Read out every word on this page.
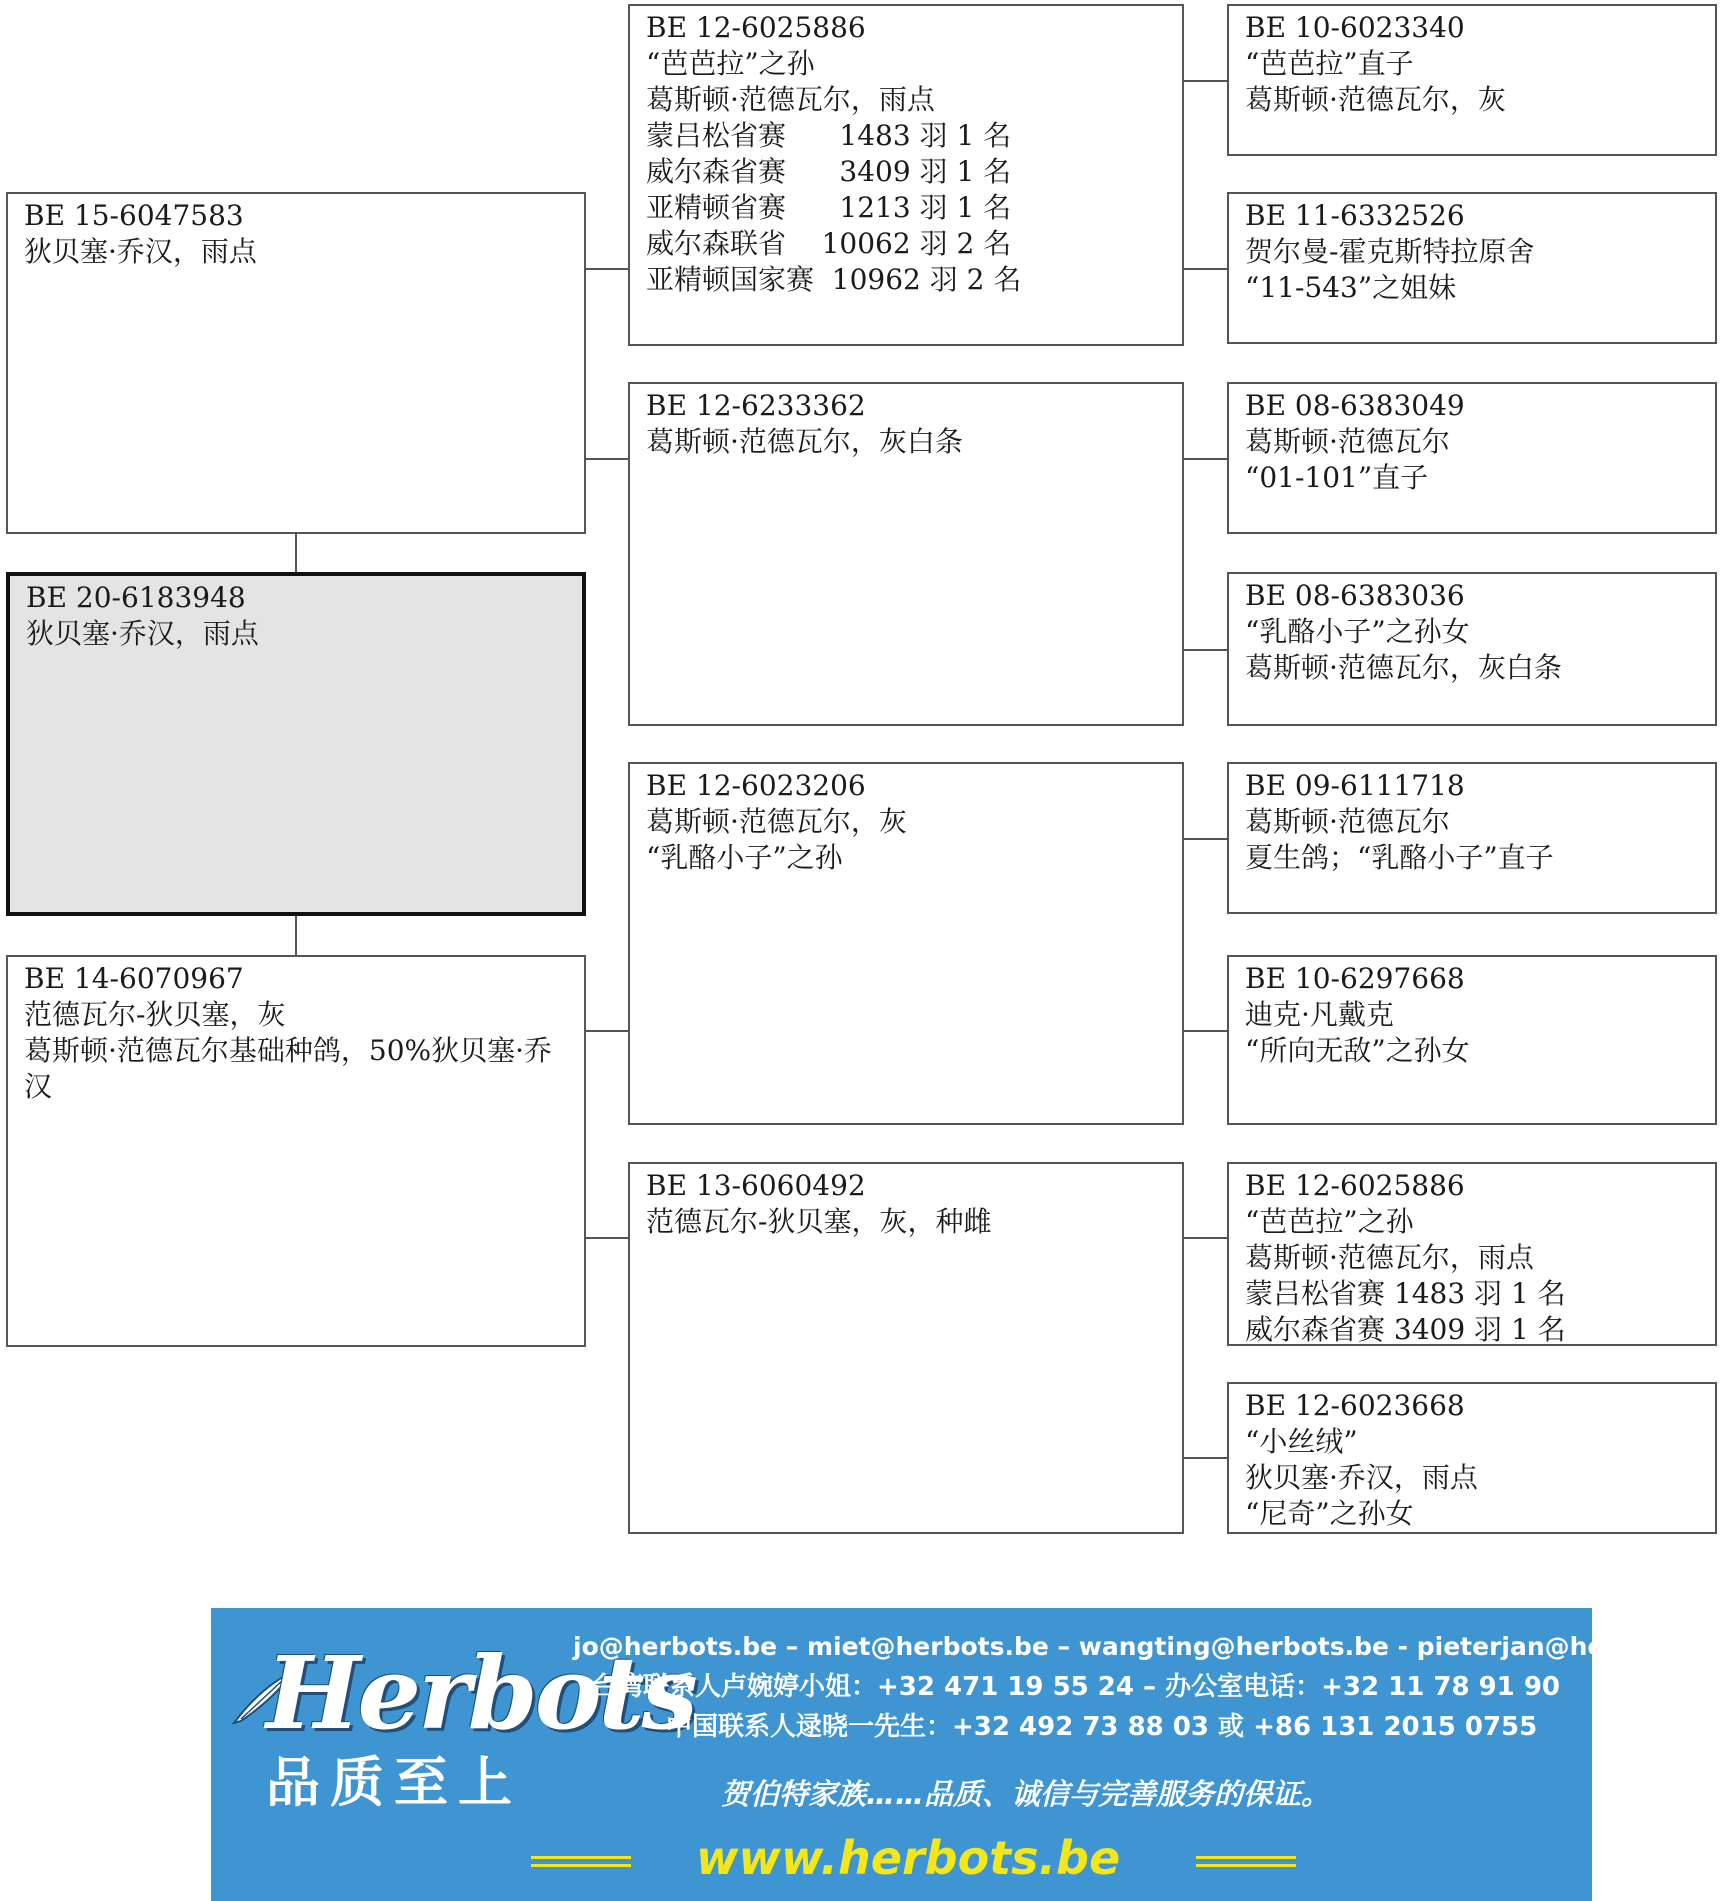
BE 20-6183948
狄贝塞·乔汉，雨点
BE 15-6047583
狄贝塞·乔汉，雨点
BE 14-6070967
范德瓦尔-狄贝塞，灰
葛斯顿·范德瓦尔基础种鸽，50%狄贝塞·乔汉
BE 12-6025886
“芭芭拉”之孙
葛斯顿·范德瓦尔，雨点
蒙吕松省赛      1483 羽 1 名
威尔森省赛      3409 羽 1 名
亚精顿省赛      1213 羽 1 名
威尔森联省    10062 羽 2 名
亚精顿国家赛  10962 羽 2 名
BE 12-6233362
葛斯顿·范德瓦尔，灰白条
BE 12-6023206
葛斯顿·范德瓦尔，灰
“乳酪小子”之孙
BE 13-6060492
范德瓦尔-狄贝塞，灰，种雌
BE 10-6023340
“芭芭拉”直子
葛斯顿·范德瓦尔，灰
BE 11-6332526
贺尔曼-霍克斯特拉原舍
“11-543”之姐妹
BE 08-6383049
葛斯顿·范德瓦尔
“01-101”直子
BE 08-6383036
“乳酪小子”之孙女
葛斯顿·范德瓦尔，灰白条
BE 09-6111718
葛斯顿·范德瓦尔
夏生鸽；“乳酪小子”直子
BE 10-6297668
迪克·凡戴克
“所向无敌”之孙女
BE 12-6025886
“芭芭拉”之孙
葛斯顿·范德瓦尔，雨点
蒙吕松省赛 1483 羽 1 名
威尔森省赛 3409 羽 1 名
BE 12-6023668
“小丝绒”
狄贝塞·乔汉，雨点
“尼奇”之孙女
Herbots
品质至上
jo@herbots.be – miet@herbots.be – wangting@herbots.be - pieterjan@herbots.be
台湾联系人卢婉婷小姐：+32 471 19 55 24 – 办公室电话：+32 11 78 91 90
中国联系人逯晓一先生：+32 492 73 88 03 或 +86 131 2015 0755
贺伯特家族……品质、诚信与完善服务的保证。
www.herbots.be
